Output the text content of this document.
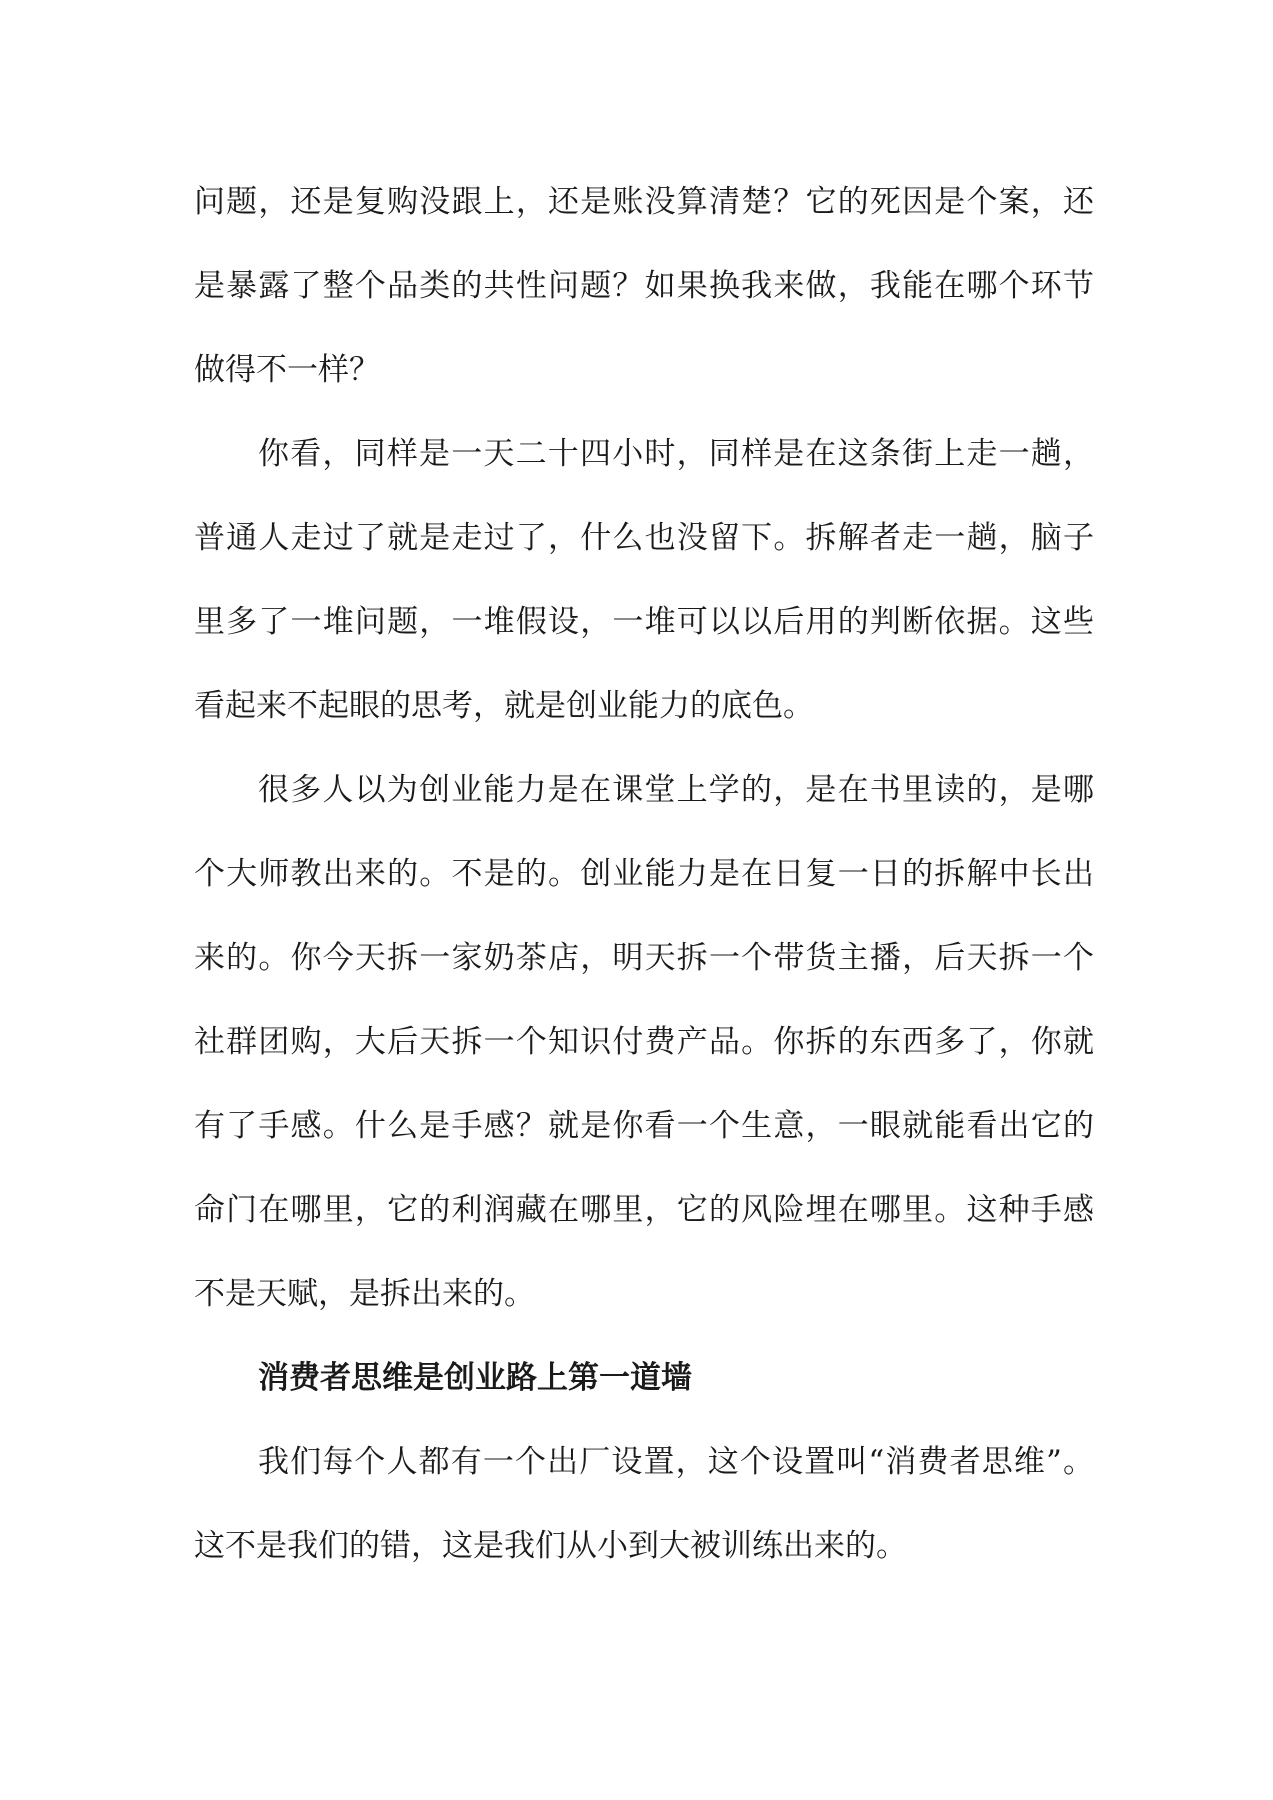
问题，还是复购没跟上，还是账没算清楚？它的死因是个案，还
是暴露了整个品类的共性问题？如果换我来做，我能在哪个环节
做得不一样？
你看，同样是一天二十四小时，同样是在这条街上走一趟，
普通人走过了就是走过了，什么也没留下。拆解者走一趟，脑子
里多了一堆问题，一堆假设，一堆可以以后用的判断依据。这些
看起来不起眼的思考，就是创业能力的底色。
很多人以为创业能力是在课堂上学的，是在书里读的，是哪
个大师教出来的。不是的。创业能力是在日复一日的拆解中长出
来的。你今天拆一家奶茶店，明天拆一个带货主播，后天拆一个
社群团购，大后天拆一个知识付费产品。你拆的东西多了，你就
有了手感。什么是手感？就是你看一个生意，一眼就能看出它的
命门在哪里，它的利润藏在哪里，它的风险埋在哪里。这种手感
不是天赋，是拆出来的。
消费者思维是创业路上第一道墙
我们每个人都有一个出厂设置，这个设置叫“消费者思维”。
这不是我们的错，这是我们从小到大被训练出来的。
